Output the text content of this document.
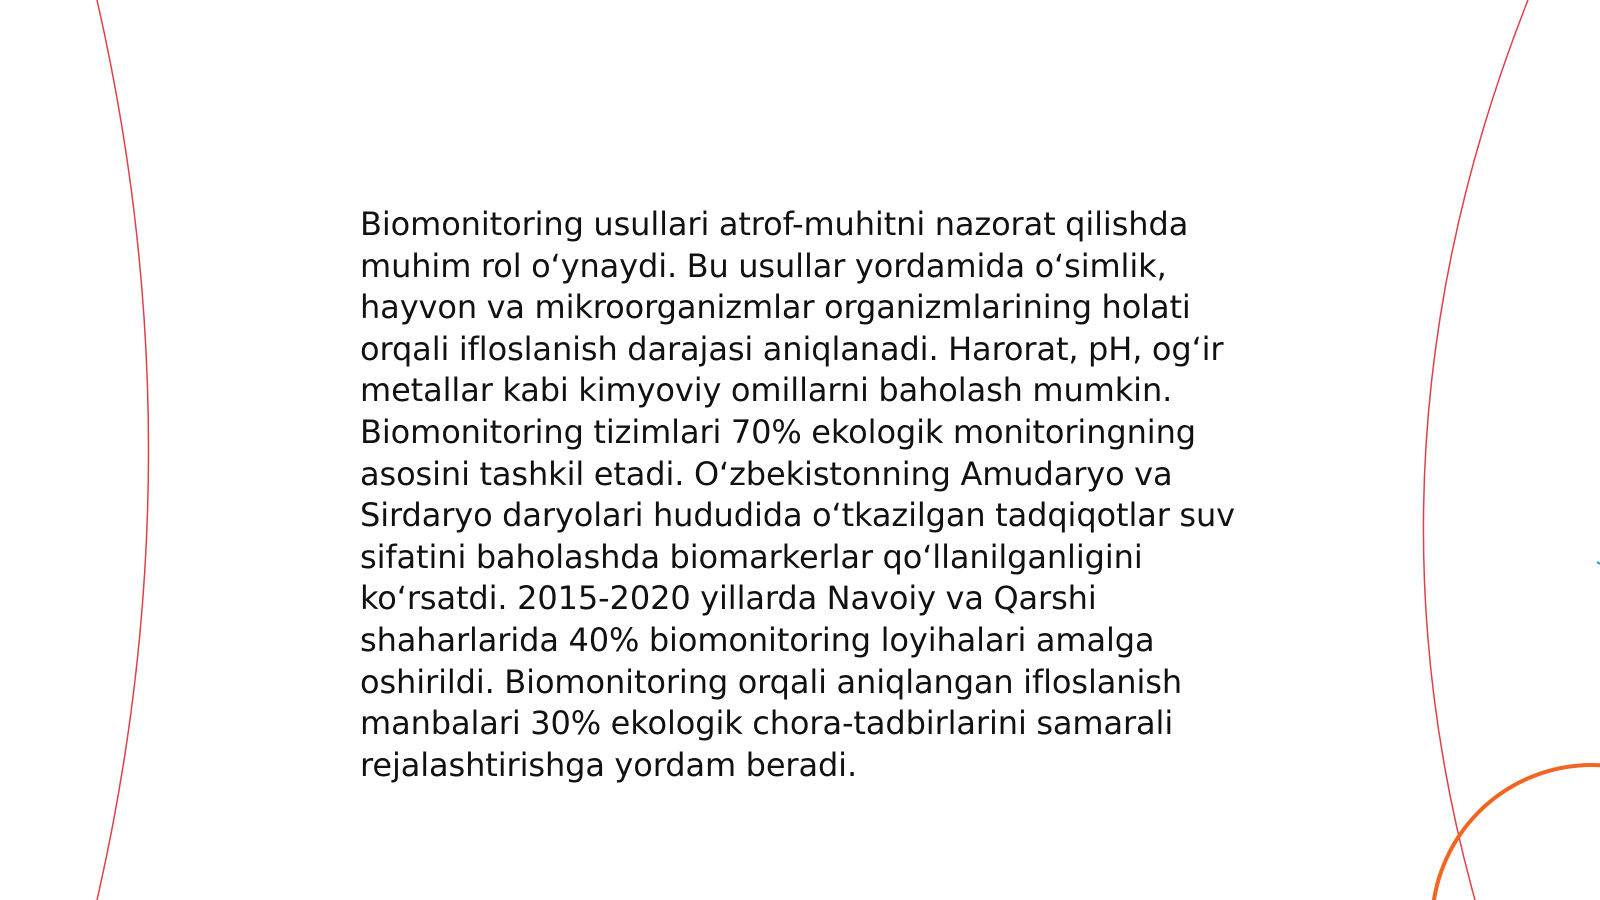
Biomonitoring usullari atrof-muhitni nazorat qilishda muhim rol oʻynaydi. Bu usullar yordamida oʻsimlik, hayvon va mikroorganizmlar organizmlarining holati orqali ifloslanish darajasi aniqlanadi. Harorat, pH, ogʻir metallar kabi kimyoviy omillarni baholash mumkin. Biomonitoring tizimlari 70% ekologik monitoringning asosini tashkil etadi. Oʻzbekistonning Amudaryo va Sirdaryo daryolari hududida oʻtkazilgan tadqiqotlar suv sifatini baholashda biomarkerlar qoʻllanilganligini koʻrsatdi. 2015-2020 yillarda Navoiy va Qarshi shaharlarida 40% biomonitoring loyihalari amalga oshirildi. Biomonitoring orqali aniqlangan ifloslanish manbalari 30% ekologik chora-tadbirlarini samarali rejalashtirishga yordam beradi.
